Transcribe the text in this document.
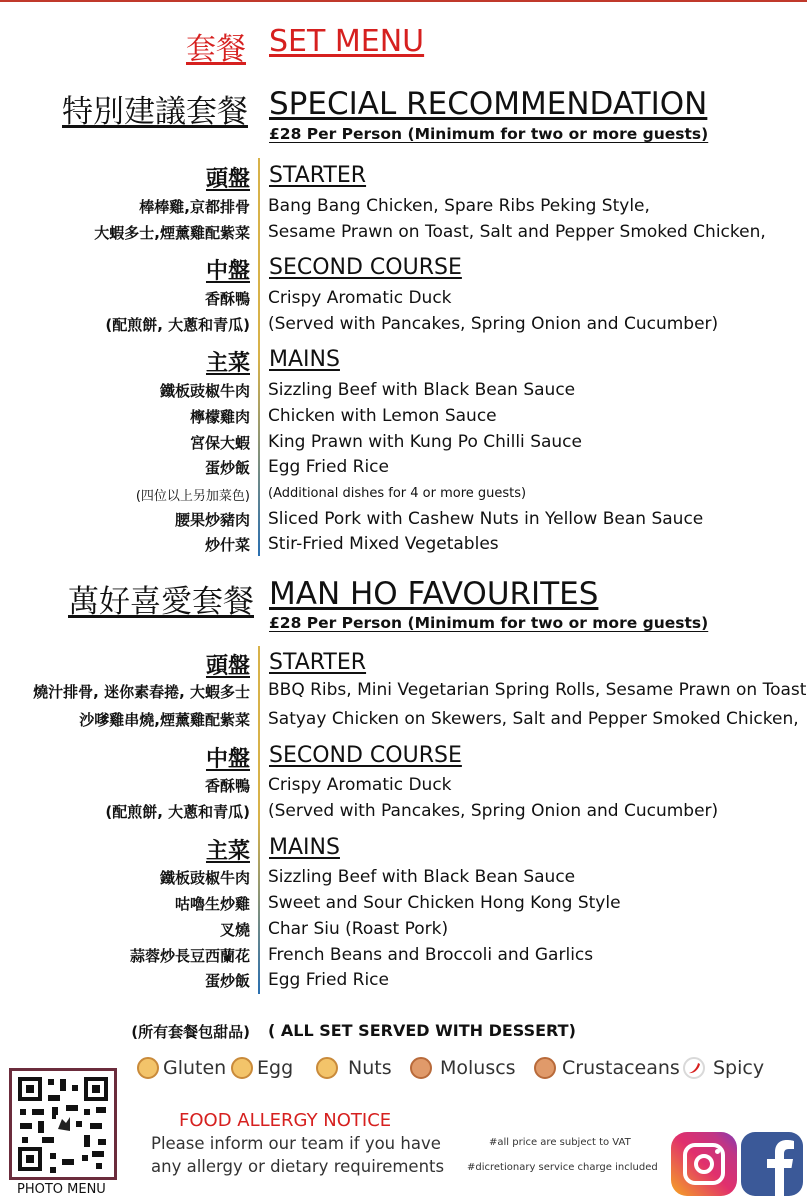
套餐 SET MENU
特別建議套餐 SPECIAL RECOMMENDATION
£28 Per Person (Minimum for two or more guests)
頭盤 STARTER
棒棒雞,京都排骨 Bang Bang Chicken, Spare Ribs Peking Style,
大蝦多士,煙薰雞配紫菜 Sesame Prawn on Toast, Salt and Pepper Smoked Chicken,
中盤 SECOND COURSE
香酥鴨 Crispy Aromatic Duck
(配煎餅, 大蔥和青瓜) (Served with Pancakes, Spring Onion and Cucumber)
主菜 MAINS
鐵板豉椒牛肉 Sizzling Beef with Black Bean Sauce
檸檬雞肉 Chicken with Lemon Sauce
宮保大蝦 King Prawn with Kung Po Chilli Sauce
蛋炒飯 Egg Fried Rice
(四位以上另加菜色) (Additional dishes for 4 or more guests)
腰果炒豬肉 Sliced Pork with Cashew Nuts in Yellow Bean Sauce
炒什菜 Stir-Fried Mixed Vegetables
萬好喜愛套餐 MAN HO FAVOURITES
£28 Per Person (Minimum for two or more guests)
頭盤 STARTER
燒汁排骨, 迷你素春捲, 大蝦多士 BBQ Ribs, Mini Vegetarian Spring Rolls, Sesame Prawn on Toast
沙嗲雞串燒,煙薰雞配紫菜 Satyay Chicken on Skewers, Salt and Pepper Smoked Chicken,
中盤 SECOND COURSE
香酥鴨 Crispy Aromatic Duck
(配煎餅, 大蔥和青瓜) (Served with Pancakes, Spring Onion and Cucumber)
主菜 MAINS
鐵板豉椒牛肉 Sizzling Beef with Black Bean Sauce
咕嚕生炒雞 Sweet and Sour Chicken Hong Kong Style
叉燒 Char Siu (Roast Pork)
蒜蓉炒長豆西蘭花 French Beans and Broccoli and Garlics
蛋炒飯 Egg Fried Rice
(所有套餐包甜品) ( ALL SET SERVED WITH DESSERT)
Gluten Egg	Nuts	Moluscs Crustaceans Spicy
PHOTO MENU
FOOD ALLERGY NOTICE
Please inform our team if you have
any allergy or dietary requirements
#all price are subject to VAT
#dicretionary service charge included
